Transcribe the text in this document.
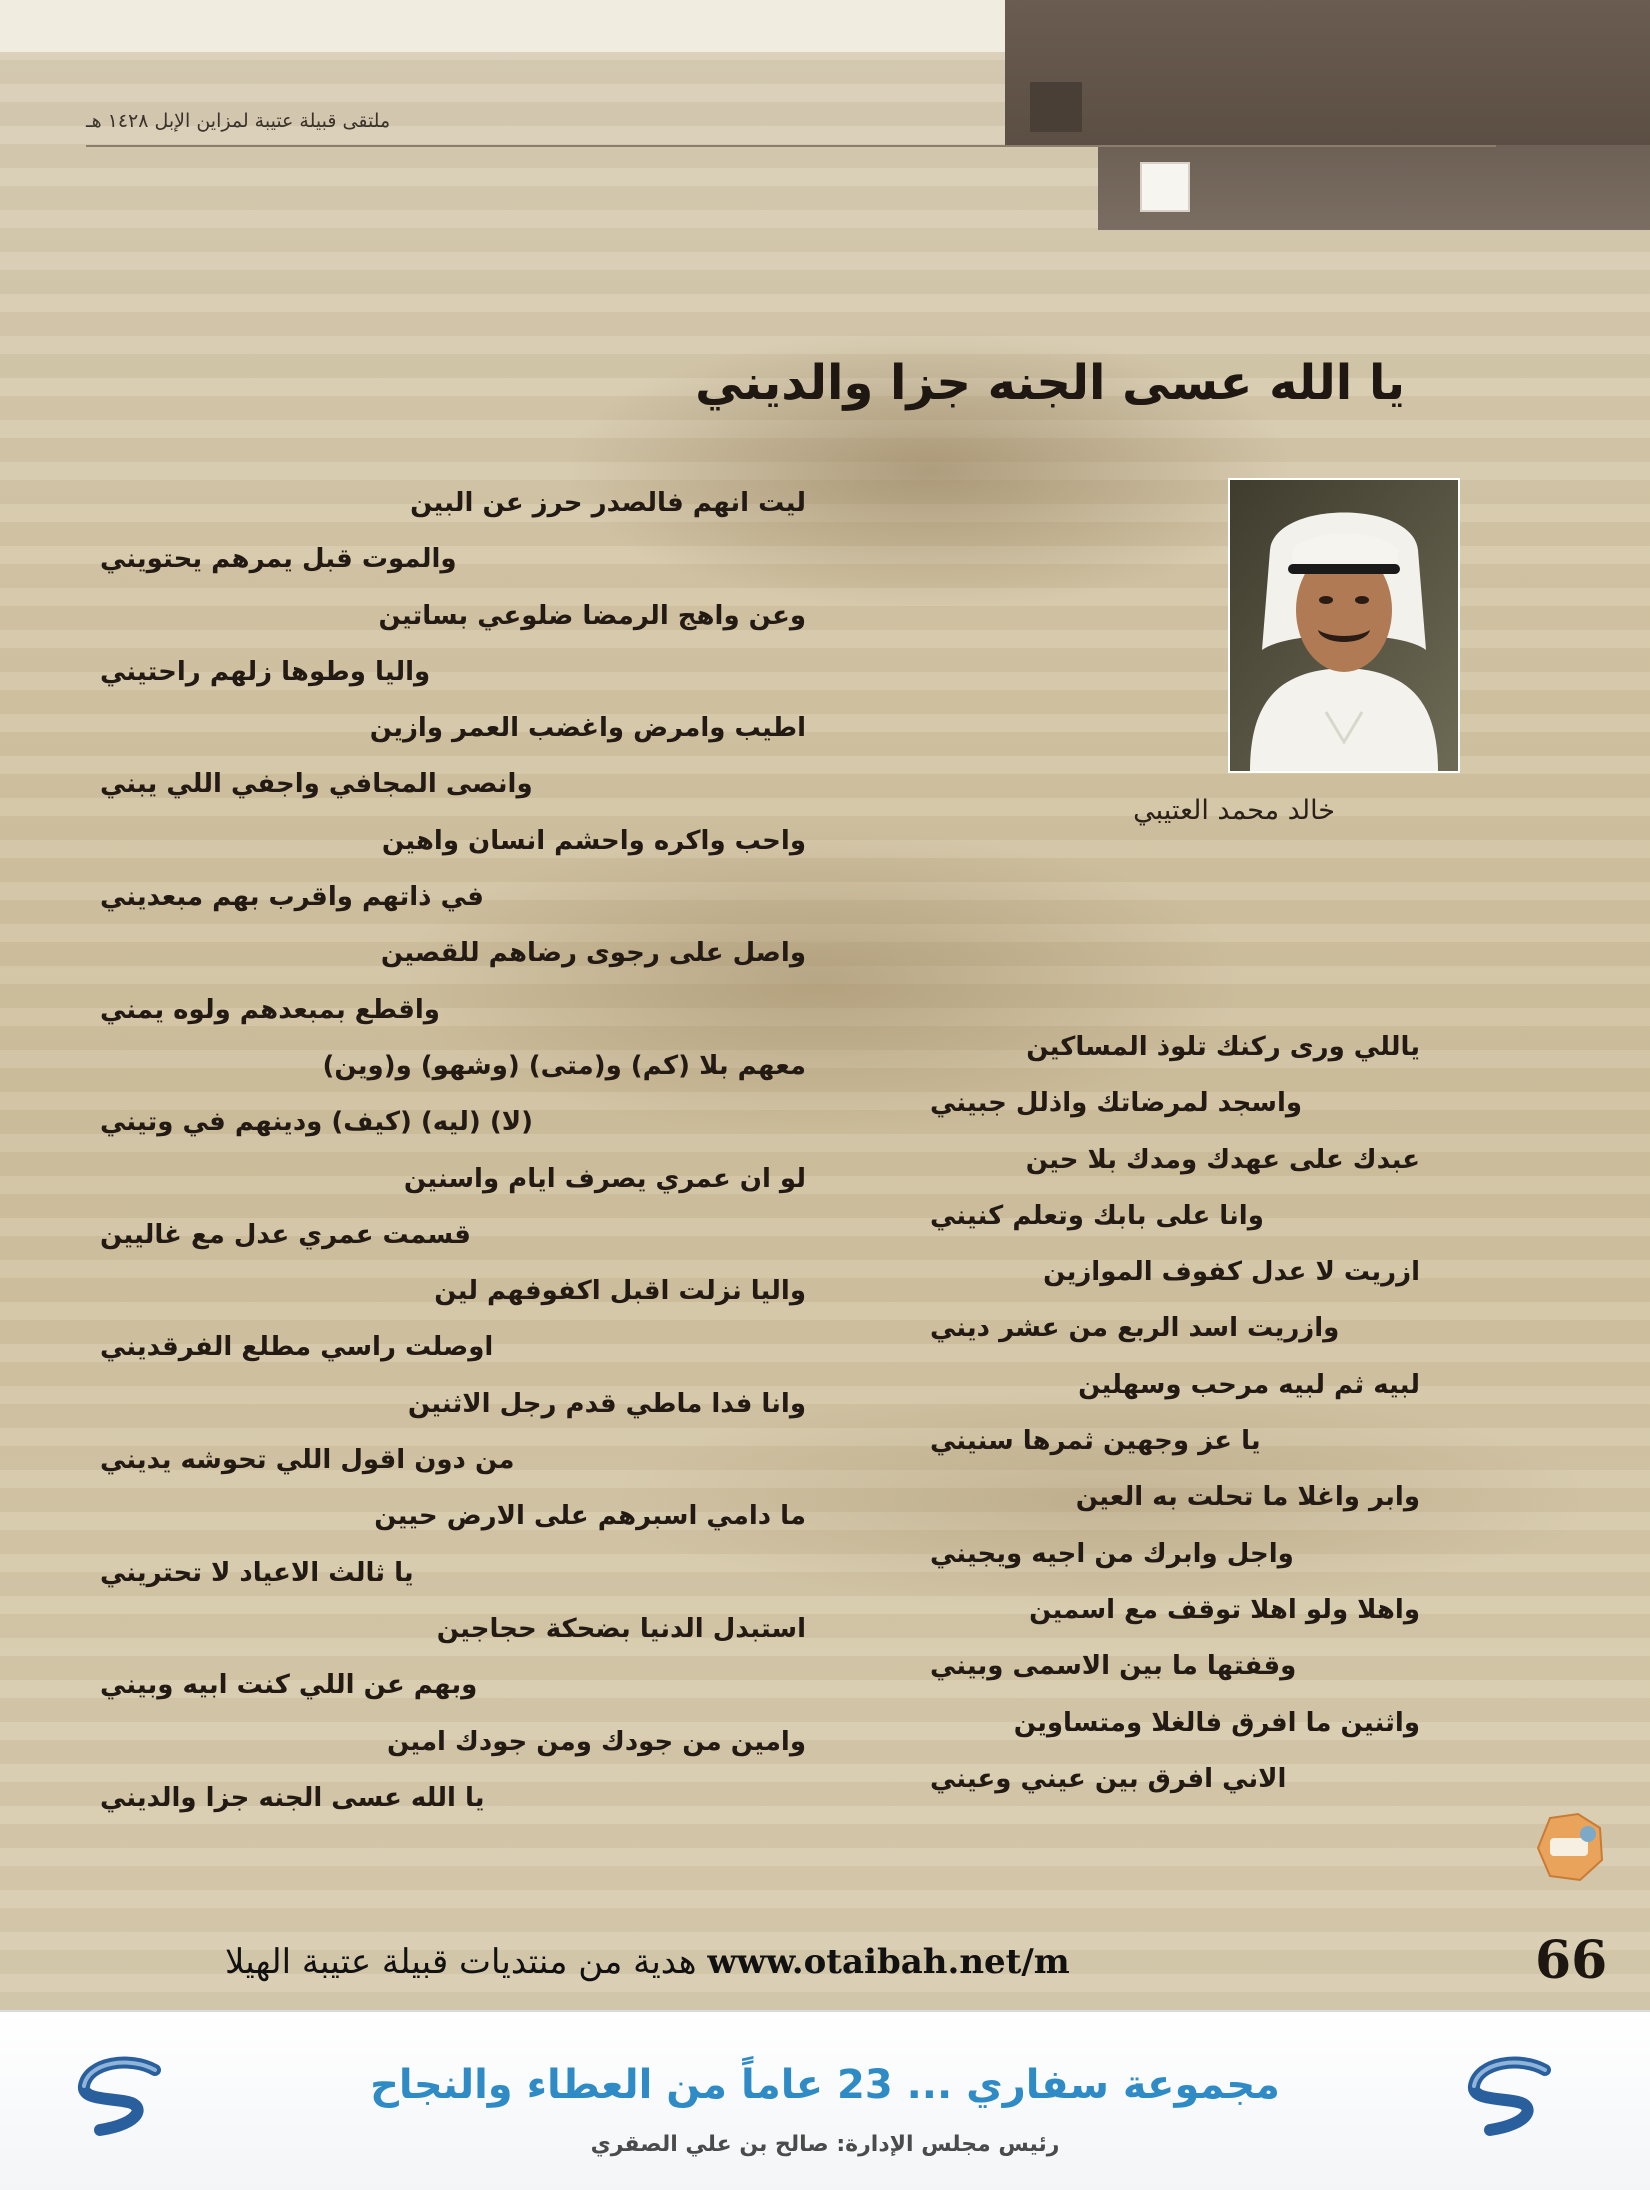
ملتقى قبيلة عتيبة لمزاين الإبل ١٤٢٨ هـ
يا الله عسى الجنه جزا والديني
خالد محمد العتيبي
ليت انهم فالصدر حرز عن البين
والموت قبل يمرهم يحتويني
وعن واهج الرمضا ضلوعي بساتين
واليا وطوها زلهم راحتيني
اطيب وامرض واغضب العمر وازين
وانصى المجافي واجفي اللي يبني
واحب واكره واحشم انسان واهين
في ذاتهم واقرب بهم مبعديني
واصل على رجوى رضاهم للقصين
واقطع بمبعدهم ولوه يمني
معهم بلا (كم) و(متى) (وشهو) و(وين)
(لا) (ليه) (كيف) ودينهم في وتيني
لو ان عمري يصرف ايام واسنين
قسمت عمري عدل مع غاليين
واليا نزلت اقبل اكفوفهم لين
اوصلت راسي مطلع الفرقديني
وانا فدا ماطي قدم رجل الاثنين
من دون اقول اللي تحوشه يديني
ما دامي اسبرهم على الارض حيين
يا ثالث الاعياد لا تحتريني
استبدل الدنيا بضحكة حجاجين
وبهم عن اللي كنت ابيه وبيني
وامين من جودك ومن جودك امين
يا الله عسى الجنه جزا والديني
ياللي ورى ركنك تلوذ المساكين
واسجد لمرضاتك واذلل جبيني
عبدك على عهدك ومدك بلا حين
وانا على بابك وتعلم كنيني
ازريت لا عدل كفوف الموازين
وازريت اسد الربع من عشر ديني
لبيه ثم لبيه مرحب وسهلين
يا عز وجهين ثمرها سنيني
وابر واغلا ما تحلت به العين
واجل وابرك من اجيه ويجيني
واهلا ولو اهلا توقف مع اسمين
وقفتها ما بين الاسمى وبيني
واثنين ما افرق فالغلا ومتساوين
الاني افرق بين عيني وعيني
66
هدية من منتديات قبيلة عتيبة الهيلا www.otaibah.net/m
مجموعة سفاري ... 23 عاماً من العطاء والنجاح
رئيس مجلس الإدارة: صالح بن علي الصقري
